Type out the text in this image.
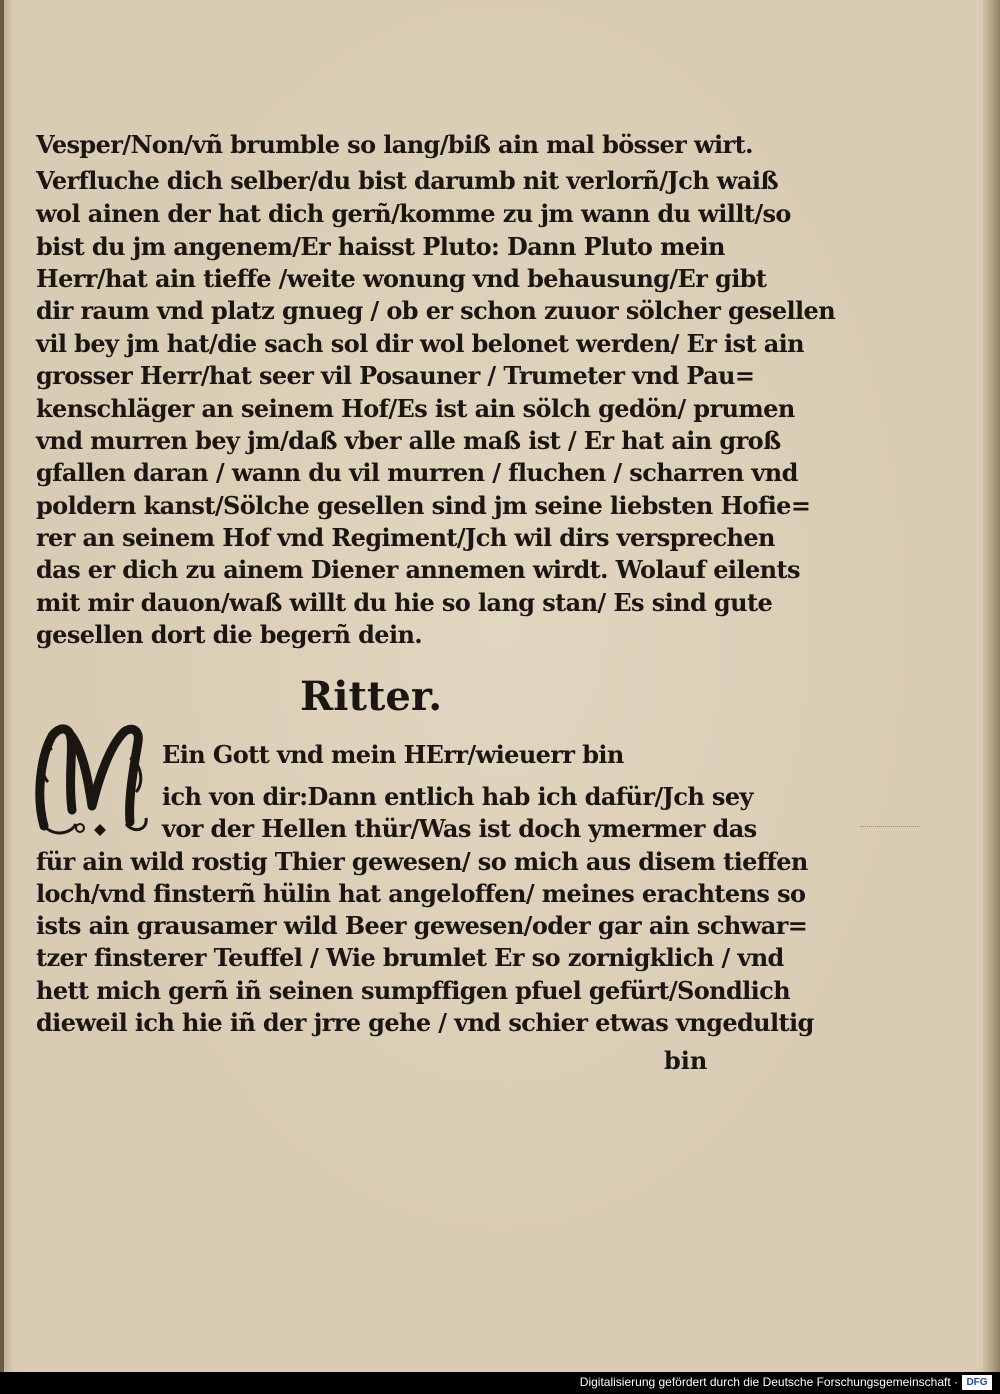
Vesper/Non/vñ brumble so lang/biß ain mal bösser wirt.
Verfluche dich selber/du bist darumb nit verlorñ/Jch waiß
wol ainen der hat dich gerñ/komme zu jm wann du willt/so
bist du jm angenem/Er haisst Pluto: Dann Pluto mein
Herr/hat ain tieffe /weite wonung vnd behausung/Er gibt
dir raum vnd platz gnueg / ob er schon zuuor sölcher gesellen
vil bey jm hat/die sach sol dir wol belonet werden/ Er ist ain
grosser Herr/hat seer vil Posauner / Trumeter vnd Pau=
kenschläger an seinem Hof/Es ist ain sölch gedön/ prumen
vnd murren bey jm/daß vber alle maß ist / Er hat ain groß
gfallen daran / wann du vil murren / fluchen / scharren vnd
poldern kanst/Sölche gesellen sind jm seine liebsten Hofie=
rer an seinem Hof vnd Regiment/Jch wil dirs versprechen
das er dich zu ainem Diener annemen wirdt. Wolauf eilents
mit mir dauon/waß willt du hie so lang stan/ Es sind gute
gesellen dort die begerñ dein.
Ritter.
Ein Gott vnd mein HErr/wieuerr bin
ich von dir:Dann entlich hab ich dafür/Jch sey
vor der Hellen thür/Was ist doch ymermer das
für ain wild rostig Thier gewesen/ so mich aus disem tieffen
loch/vnd finsterñ hülin hat angeloffen/ meines erachtens so
ists ain grausamer wild Beer gewesen/oder gar ain schwar=
tzer finsterer Teuffel / Wie brumlet Er so zornigklich / vnd
hett mich gerñ iñ seinen sumpffigen pfuel gefürt/Sondlich
dieweil ich hie iñ der jrre gehe / vnd schier etwas vngedultig
bin
Digitalisierung gefördert durch die Deutsche Forschungsgemeinschaft · DFG
